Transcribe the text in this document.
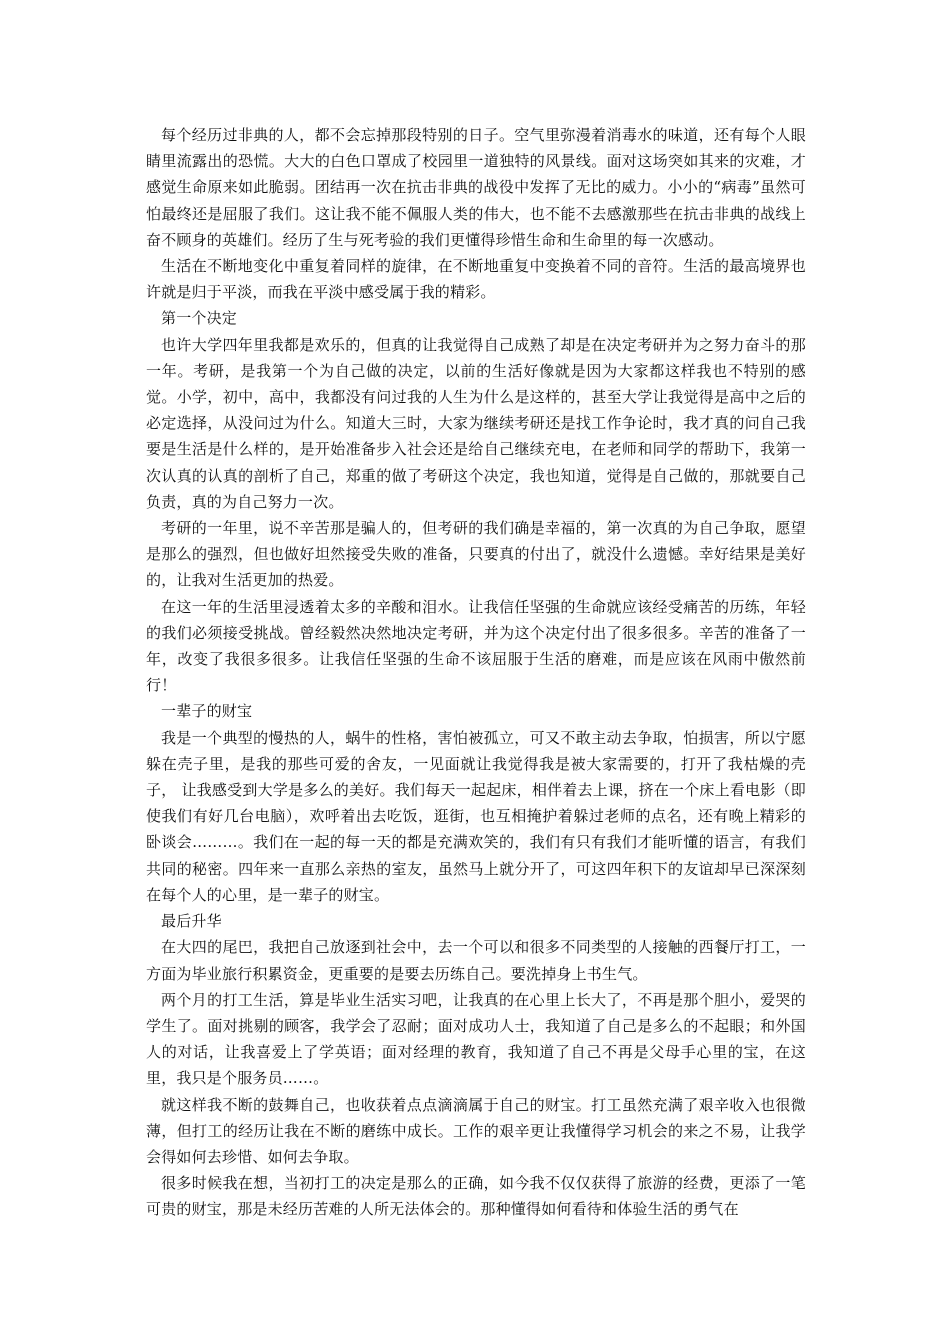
每个经历过非典的人，都不会忘掉那段特别的日子。空气里弥漫着消毒水的味道，还有每个人眼睛里流露出的恐慌。大大的白色口罩成了校园里一道独特的风景线。面对这场突如其来的灾难，才感觉生命原来如此脆弱。团结再一次在抗击非典的战役中发挥了无比的威力。小小的“病毒”虽然可怕最终还是屈服了我们。这让我不能不佩服人类的伟大，也不能不去感激那些在抗击非典的战线上奋不顾身的英雄们。经历了生与死考验的我们更懂得珍惜生命和生命里的每一次感动。

生活在不断地变化中重复着同样的旋律，在不断地重复中变换着不同的音符。生活的最高境界也许就是归于平淡，而我在平淡中感受属于我的精彩。

第一个决定

也许大学四年里我都是欢乐的，但真的让我觉得自己成熟了却是在决定考研并为之努力奋斗的那一年。考研，是我第一个为自己做的决定，以前的生活好像就是因为大家都这样我也不特别的感觉。小学，初中，高中，我都没有问过我的人生为什么是这样的，甚至大学让我觉得是高中之后的必定选择，从没问过为什么。知道大三时，大家为继续考研还是找工作争论时，我才真的问自己我要是生活是什么样的，是开始准备步入社会还是给自己继续充电，在老师和同学的帮助下，我第一次认真的认真的剖析了自己，郑重的做了考研这个决定，我也知道，觉得是自己做的，那就要自己负责，真的为自己努力一次。

考研的一年里，说不辛苦那是骗人的，但考研的我们确是幸福的，第一次真的为自己争取，愿望是那么的强烈，但也做好坦然接受失败的准备，只要真的付出了，就没什么遗憾。幸好结果是美好的，让我对生活更加的热爱。

在这一年的生活里浸透着太多的辛酸和泪水。让我信任坚强的生命就应该经受痛苦的历练，年轻的我们必须接受挑战。曾经毅然决然地决定考研，并为这个决定付出了很多很多。辛苦的准备了一年，改变了我很多很多。让我信任坚强的生命不该屈服于生活的磨难，而是应该在风雨中傲然前行！

一辈子的财宝

我是一个典型的慢热的人，蜗牛的性格，害怕被孤立，可又不敢主动去争取，怕损害，所以宁愿躲在壳子里，是我的那些可爱的舍友，一见面就让我觉得我是被大家需要的，打开了我枯燥的壳子， 让我感受到大学是多么的美好。我们每天一起起床，相伴着去上课，挤在一个床上看电影（即使我们有好几台电脑），欢呼着出去吃饭，逛街，也互相掩护着躲过老师的点名，还有晚上精彩的卧谈会………。我们在一起的每一天的都是充满欢笑的，我们有只有我们才能听懂的语言，有我们共同的秘密。四年来一直那么亲热的室友，虽然马上就分开了，可这四年积下的友谊却早已深深刻在每个人的心里，是一辈子的财宝。

最后升华

在大四的尾巴，我把自己放逐到社会中，去一个可以和很多不同类型的人接触的西餐厅打工，一方面为毕业旅行积累资金，更重要的是要去历练自己。要洗掉身上书生气。

两个月的打工生活，算是毕业生活实习吧，让我真的在心里上长大了，不再是那个胆小，爱哭的学生了。面对挑剔的顾客，我学会了忍耐；面对成功人士，我知道了自己是多么的不起眼；和外国人的对话，让我喜爱上了学英语；面对经理的教育，我知道了自己不再是父母手心里的宝，在这里，我只是个服务员……。

就这样我不断的鼓舞自己，也收获着点点滴滴属于自己的财宝。打工虽然充满了艰辛收入也很微薄，但打工的经历让我在不断的磨练中成长。工作的艰辛更让我懂得学习机会的来之不易，让我学会得如何去珍惜、如何去争取。

很多时候我在想，当初打工的决定是那么的正确，如今我不仅仅获得了旅游的经费，更添了一笔可贵的财宝，那是未经历苦难的人所无法体会的。那种懂得如何看待和体验生活的勇气在
